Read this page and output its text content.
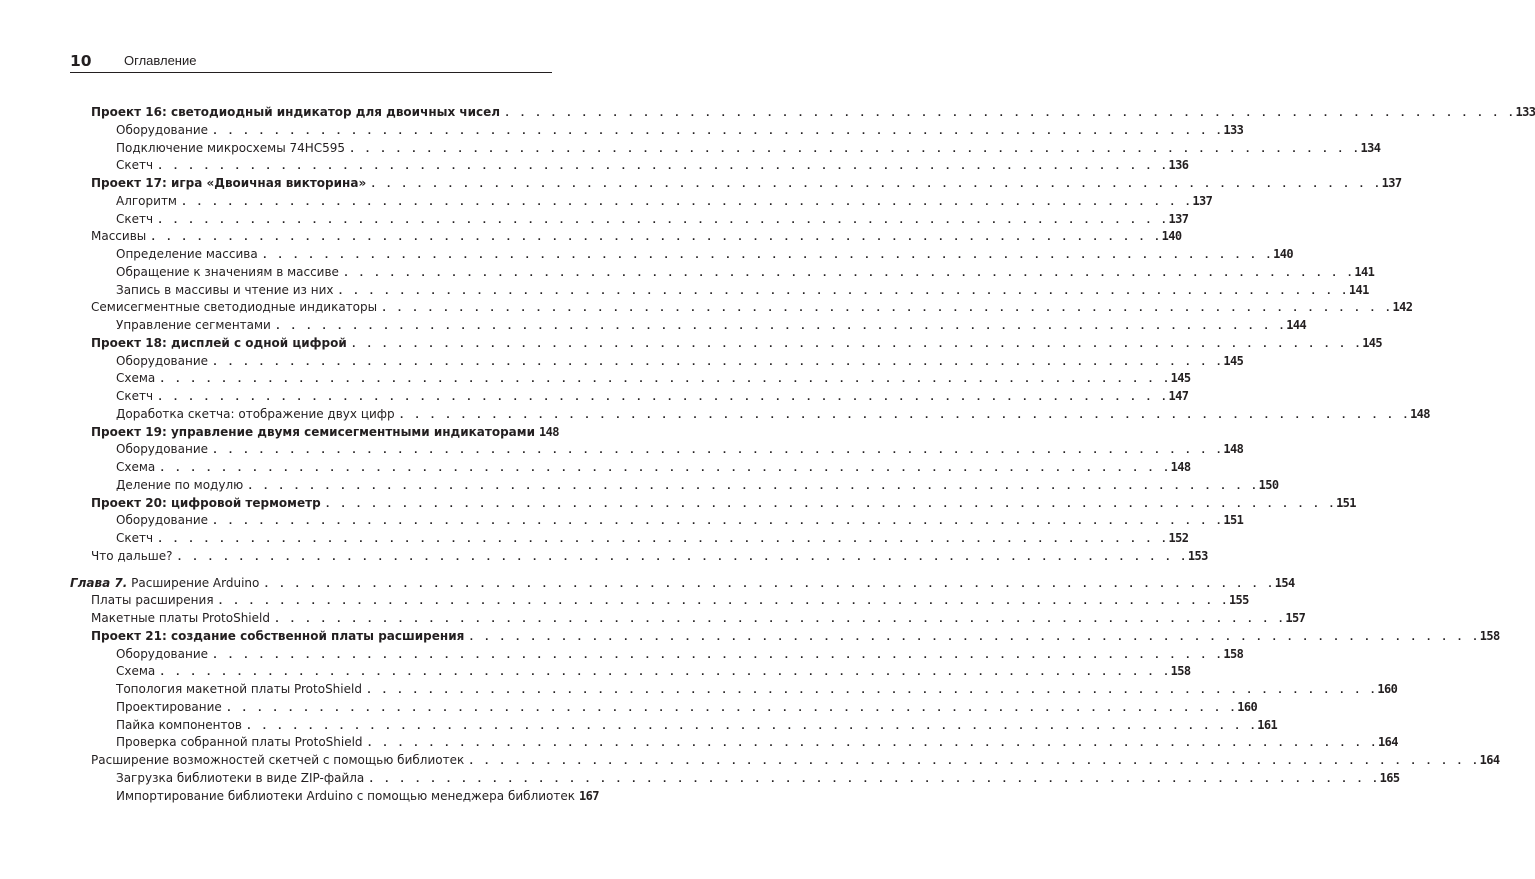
10 Оглавление
Проект 16: светодиодный индикатор для двоичных чисел . . . . . . . . . . . . . . . . . . . . . . . . . . . . . . . . . . . . . . . . . . . . . . . . . . . . . . . . . . . . . . . . . . 133
Оборудование . . . . . . . . . . . . . . . . . . . . . . . . . . . . . . . . . . . . . . . . . . . . . . . . . . . . . . . . . . . . . . . . . . 133
Подключение микросхемы 74HC595 . . . . . . . . . . . . . . . . . . . . . . . . . . . . . . . . . . . . . . . . . . . . . . . . . . . . . . . . . . . . . . . . . . 134
Скетч . . . . . . . . . . . . . . . . . . . . . . . . . . . . . . . . . . . . . . . . . . . . . . . . . . . . . . . . . . . . . . . . . . 136
Проект 17: игра «Двоичная викторина» . . . . . . . . . . . . . . . . . . . . . . . . . . . . . . . . . . . . . . . . . . . . . . . . . . . . . . . . . . . . . . . . . . 137
Алгоритм . . . . . . . . . . . . . . . . . . . . . . . . . . . . . . . . . . . . . . . . . . . . . . . . . . . . . . . . . . . . . . . . . . 137
Скетч . . . . . . . . . . . . . . . . . . . . . . . . . . . . . . . . . . . . . . . . . . . . . . . . . . . . . . . . . . . . . . . . . . 137
Массивы . . . . . . . . . . . . . . . . . . . . . . . . . . . . . . . . . . . . . . . . . . . . . . . . . . . . . . . . . . . . . . . . . . 140
Определение массива . . . . . . . . . . . . . . . . . . . . . . . . . . . . . . . . . . . . . . . . . . . . . . . . . . . . . . . . . . . . . . . . . . 140
Обращение к значениям в массиве . . . . . . . . . . . . . . . . . . . . . . . . . . . . . . . . . . . . . . . . . . . . . . . . . . . . . . . . . . . . . . . . . . 141
Запись в массивы и чтение из них . . . . . . . . . . . . . . . . . . . . . . . . . . . . . . . . . . . . . . . . . . . . . . . . . . . . . . . . . . . . . . . . . . 141
Семисегментные светодиодные индикаторы . . . . . . . . . . . . . . . . . . . . . . . . . . . . . . . . . . . . . . . . . . . . . . . . . . . . . . . . . . . . . . . . . . 142
Управление сегментами . . . . . . . . . . . . . . . . . . . . . . . . . . . . . . . . . . . . . . . . . . . . . . . . . . . . . . . . . . . . . . . . . . 144
Проект 18: дисплей с одной цифрой . . . . . . . . . . . . . . . . . . . . . . . . . . . . . . . . . . . . . . . . . . . . . . . . . . . . . . . . . . . . . . . . . . 145
Оборудование . . . . . . . . . . . . . . . . . . . . . . . . . . . . . . . . . . . . . . . . . . . . . . . . . . . . . . . . . . . . . . . . . . 145
Схема . . . . . . . . . . . . . . . . . . . . . . . . . . . . . . . . . . . . . . . . . . . . . . . . . . . . . . . . . . . . . . . . . . 145
Скетч . . . . . . . . . . . . . . . . . . . . . . . . . . . . . . . . . . . . . . . . . . . . . . . . . . . . . . . . . . . . . . . . . . 147
Доработка скетча: отображение двух цифр . . . . . . . . . . . . . . . . . . . . . . . . . . . . . . . . . . . . . . . . . . . . . . . . . . . . . . . . . . . . . . . . . . 148
Проект 19: управление двумя семисегментными индикаторами 148
Оборудование . . . . . . . . . . . . . . . . . . . . . . . . . . . . . . . . . . . . . . . . . . . . . . . . . . . . . . . . . . . . . . . . . . 148
Схема . . . . . . . . . . . . . . . . . . . . . . . . . . . . . . . . . . . . . . . . . . . . . . . . . . . . . . . . . . . . . . . . . . 148
Деление по модулю . . . . . . . . . . . . . . . . . . . . . . . . . . . . . . . . . . . . . . . . . . . . . . . . . . . . . . . . . . . . . . . . . . 150
Проект 20: цифровой термометр . . . . . . . . . . . . . . . . . . . . . . . . . . . . . . . . . . . . . . . . . . . . . . . . . . . . . . . . . . . . . . . . . . 151
Оборудование . . . . . . . . . . . . . . . . . . . . . . . . . . . . . . . . . . . . . . . . . . . . . . . . . . . . . . . . . . . . . . . . . . 151
Скетч . . . . . . . . . . . . . . . . . . . . . . . . . . . . . . . . . . . . . . . . . . . . . . . . . . . . . . . . . . . . . . . . . . 152
Что дальше? . . . . . . . . . . . . . . . . . . . . . . . . . . . . . . . . . . . . . . . . . . . . . . . . . . . . . . . . . . . . . . . . . . 153
Глава 7. Расширение Arduino . . . . . . . . . . . . . . . . . . . . . . . . . . . . . . . . . . . . . . . . . . . . . . . . . . . . . . . . . . . . . . . . . . 154
Платы расширения . . . . . . . . . . . . . . . . . . . . . . . . . . . . . . . . . . . . . . . . . . . . . . . . . . . . . . . . . . . . . . . . . . 155
Макетные платы ProtoShield . . . . . . . . . . . . . . . . . . . . . . . . . . . . . . . . . . . . . . . . . . . . . . . . . . . . . . . . . . . . . . . . . . 157
Проект 21: создание собственной платы расширения . . . . . . . . . . . . . . . . . . . . . . . . . . . . . . . . . . . . . . . . . . . . . . . . . . . . . . . . . . . . . . . . . . 158
Оборудование . . . . . . . . . . . . . . . . . . . . . . . . . . . . . . . . . . . . . . . . . . . . . . . . . . . . . . . . . . . . . . . . . . 158
Схема . . . . . . . . . . . . . . . . . . . . . . . . . . . . . . . . . . . . . . . . . . . . . . . . . . . . . . . . . . . . . . . . . . 158
Топология макетной платы ProtoShield . . . . . . . . . . . . . . . . . . . . . . . . . . . . . . . . . . . . . . . . . . . . . . . . . . . . . . . . . . . . . . . . . . 160
Проектирование . . . . . . . . . . . . . . . . . . . . . . . . . . . . . . . . . . . . . . . . . . . . . . . . . . . . . . . . . . . . . . . . . . 160
Пайка компонентов . . . . . . . . . . . . . . . . . . . . . . . . . . . . . . . . . . . . . . . . . . . . . . . . . . . . . . . . . . . . . . . . . . 161
Проверка собранной платы ProtoShield . . . . . . . . . . . . . . . . . . . . . . . . . . . . . . . . . . . . . . . . . . . . . . . . . . . . . . . . . . . . . . . . . . 164
Расширение возможностей скетчей с помощью библиотек . . . . . . . . . . . . . . . . . . . . . . . . . . . . . . . . . . . . . . . . . . . . . . . . . . . . . . . . . . . . . . . . . . 164
Загрузка библиотеки в виде ZIP-файла . . . . . . . . . . . . . . . . . . . . . . . . . . . . . . . . . . . . . . . . . . . . . . . . . . . . . . . . . . . . . . . . . . 165
Импортирование библиотеки Arduino с помощью менеджера библиотек 167
